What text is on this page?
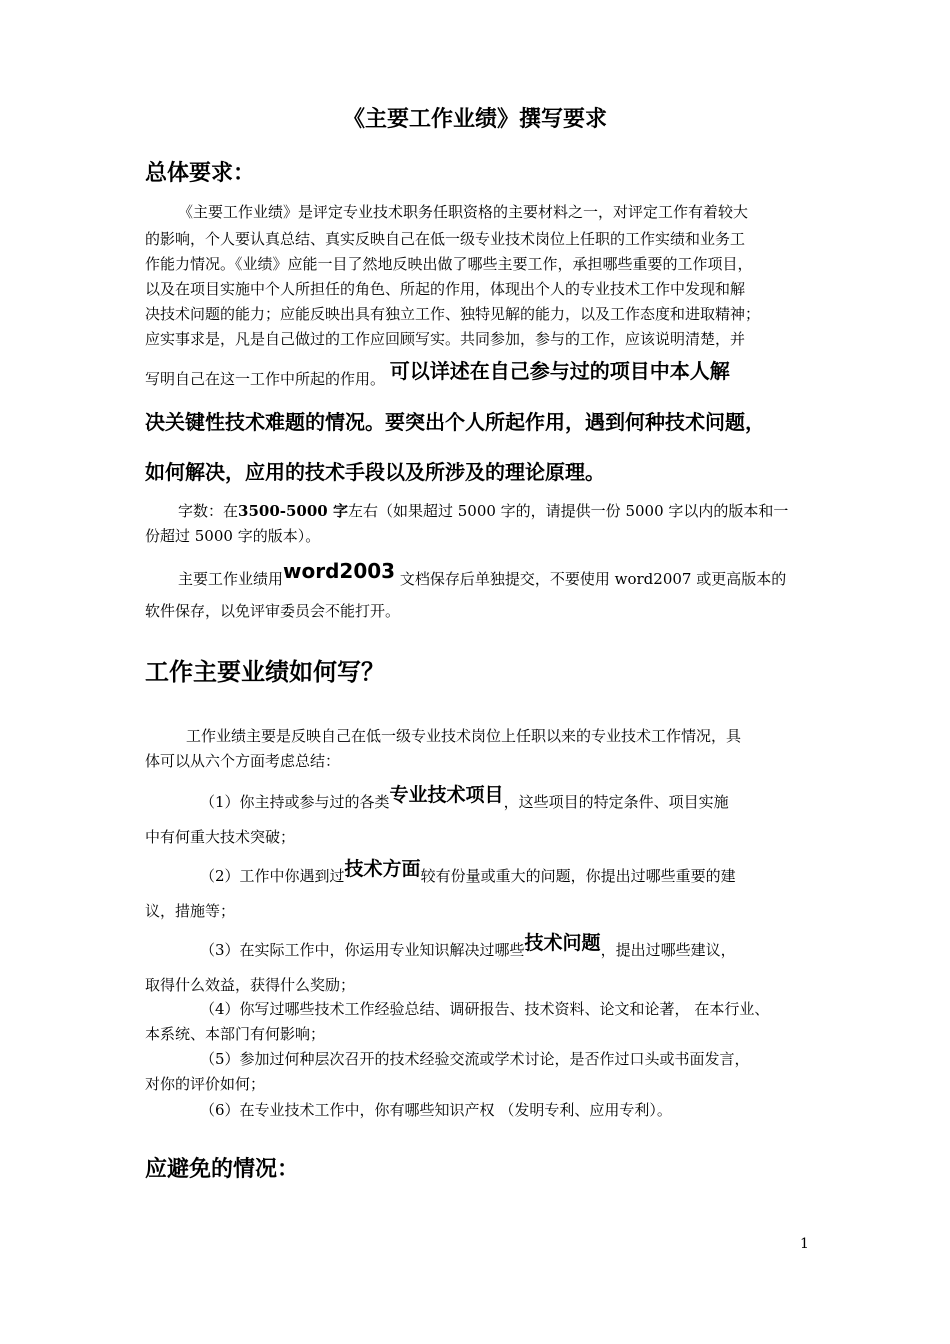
《主要工作业绩》撰写要求
总体要求：
《主要工作业绩》是评定专业技术职务任职资格的主要材料之一，对评定工作有着较大
的影响，个人要认真总结、真实反映自己在低一级专业技术岗位上任职的工作实绩和业务工
作能力情况。《业绩》应能一目了然地反映出做了哪些主要工作，承担哪些重要的工作项目，
以及在项目实施中个人所担任的角色、所起的作用，体现出个人的专业技术工作中发现和解
决技术问题的能力；应能反映出具有独立工作、独特见解的能力，以及工作态度和进取精神；
应实事求是，凡是自己做过的工作应回顾写实。共同参加，参与的工作，应该说明清楚，并
写明自己在这一工作中所起的作用。 可以详述在自己参与过的项目中本人解
决关键性技术难题的情况。要突出个人所起作用，遇到何种技术问题，
如何解决，应用的技术手段以及所涉及的理论原理。
字数：在3500-5000 字左右（如果超过 5000 字的，请提供一份 5000 字以内的版本和一
份超过 5000 字的版本）。
主要工作业绩用word2003 文档保存后单独提交，不要使用 word2007 或更高版本的
软件保存，以免评审委员会不能打开。
工作主要业绩如何写？
工作业绩主要是反映自己在低一级专业技术岗位上任职以来的专业技术工作情况，具
体可以从六个方面考虑总结：
（1）你主持或参与过的各类专业技术项目，这些项目的特定条件、项目实施
中有何重大技术突破；
（2）工作中你遇到过技术方面较有份量或重大的问题，你提出过哪些重要的建
议，措施等；
（3）在实际工作中，你运用专业知识解决过哪些技术问题，提出过哪些建议，
取得什么效益，获得什么奖励；
（4）你写过哪些技术工作经验总结、调研报告、技术资料、论文和论著， 在本行业、
本系统、本部门有何影响；
（5）参加过何种层次召开的技术经验交流或学术讨论，是否作过口头或书面发言，
对你的评价如何；
（6）在专业技术工作中，你有哪些知识产权 （发明专利、应用专利）。
应避免的情况：
1
